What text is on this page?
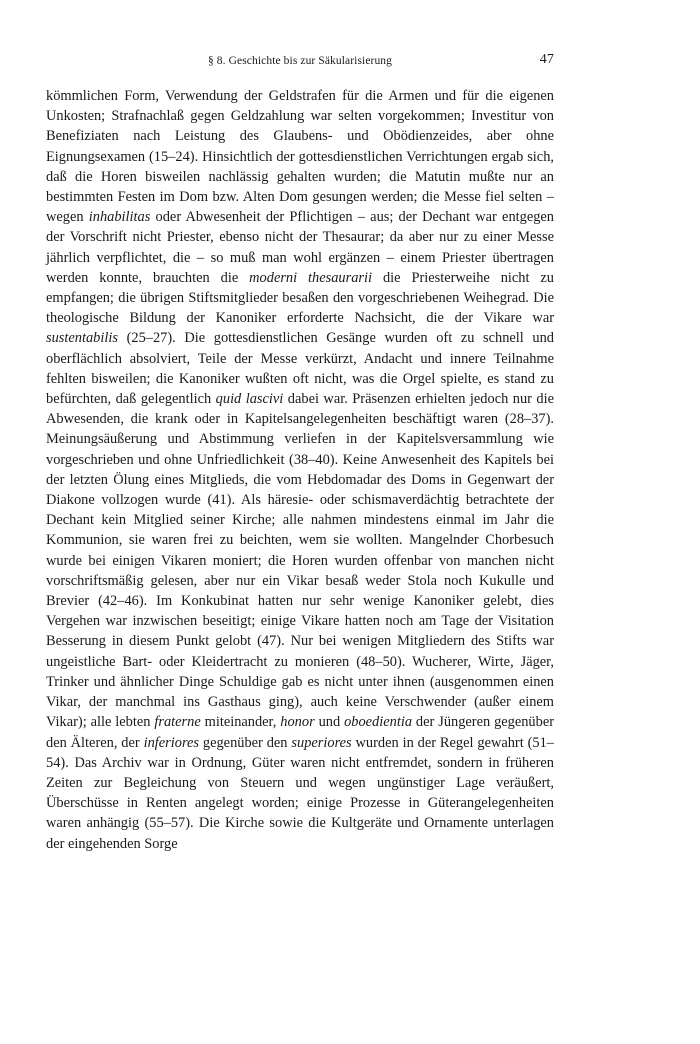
§ 8. Geschichte bis zur Säkularisierung	47
kömmlichen Form, Verwendung der Geldstrafen für die Armen und für die eigenen Unkosten; Strafnachlaß gegen Geldzahlung war selten vorgekommen; Investitur von Benefiziaten nach Leistung des Glaubens- und Obödienzeides, aber ohne Eignungsexamen (15–24). Hinsichtlich der gottesdienstlichen Verrichtungen ergab sich, daß die Horen bisweilen nachlässig gehalten wurden; die Matutin mußte nur an bestimmten Festen im Dom bzw. Alten Dom gesungen werden; die Messe fiel selten – wegen inhabilitas oder Abwesenheit der Pflichtigen – aus; der Dechant war entgegen der Vorschrift nicht Priester, ebenso nicht der Thesaurar; da aber nur zu einer Messe jährlich verpflichtet, die – so muß man wohl ergänzen – einem Priester übertragen werden konnte, brauchten die moderni thesaurarii die Priesterweihe nicht zu empfangen; die übrigen Stiftsmitglieder besaßen den vorgeschriebenen Weihegrad. Die theologische Bildung der Kanoniker erforderte Nachsicht, die der Vikare war sustentabilis (25–27). Die gottesdienstlichen Gesänge wurden oft zu schnell und oberflächlich absolviert, Teile der Messe verkürzt, Andacht und innere Teilnahme fehlten bisweilen; die Kanoniker wußten oft nicht, was die Orgel spielte, es stand zu befürchten, daß gelegentlich quid lascivi dabei war. Präsenzen erhielten jedoch nur die Abwesenden, die krank oder in Kapitelsangelegenheiten beschäftigt waren (28–37). Meinungsäußerung und Abstimmung verliefen in der Kapitelsversammlung wie vorgeschrieben und ohne Unfriedlichkeit (38–40). Keine Anwesenheit des Kapitels bei der letzten Ölung eines Mitglieds, die vom Hebdomadar des Doms in Gegenwart der Diakone vollzogen wurde (41). Als häresie- oder schismaverdächtig betrachtete der Dechant kein Mitglied seiner Kirche; alle nahmen mindestens einmal im Jahr die Kommunion, sie waren frei zu beichten, wem sie wollten. Mangelnder Chorbesuch wurde bei einigen Vikaren moniert; die Horen wurden offenbar von manchen nicht vorschriftsmäßig gelesen, aber nur ein Vikar besaß weder Stola noch Kukulle und Brevier (42–46). Im Konkubinat hatten nur sehr wenige Kanoniker gelebt, dies Vergehen war inzwischen beseitigt; einige Vikare hatten noch am Tage der Visitation Besserung in diesem Punkt gelobt (47). Nur bei wenigen Mitgliedern des Stifts war ungeistliche Bart- oder Kleidertracht zu monieren (48–50). Wucherer, Wirte, Jäger, Trinker und ähnlicher Dinge Schuldige gab es nicht unter ihnen (ausgenommen einen Vikar, der manchmal ins Gasthaus ging), auch keine Verschwender (außer einem Vikar); alle lebten fraterne miteinander, honor und oboedientia der Jüngeren gegenüber den Älteren, der inferiores gegenüber den superiores wurden in der Regel gewahrt (51–54). Das Archiv war in Ordnung, Güter waren nicht entfremdet, sondern in früheren Zeiten zur Begleichung von Steuern und wegen ungünstiger Lage veräußert, Überschüsse in Renten angelegt worden; einige Prozesse in Güterangelegenheiten waren anhängig (55–57). Die Kirche sowie die Kultgeräte und Ornamente unterlagen der eingehenden Sorge
